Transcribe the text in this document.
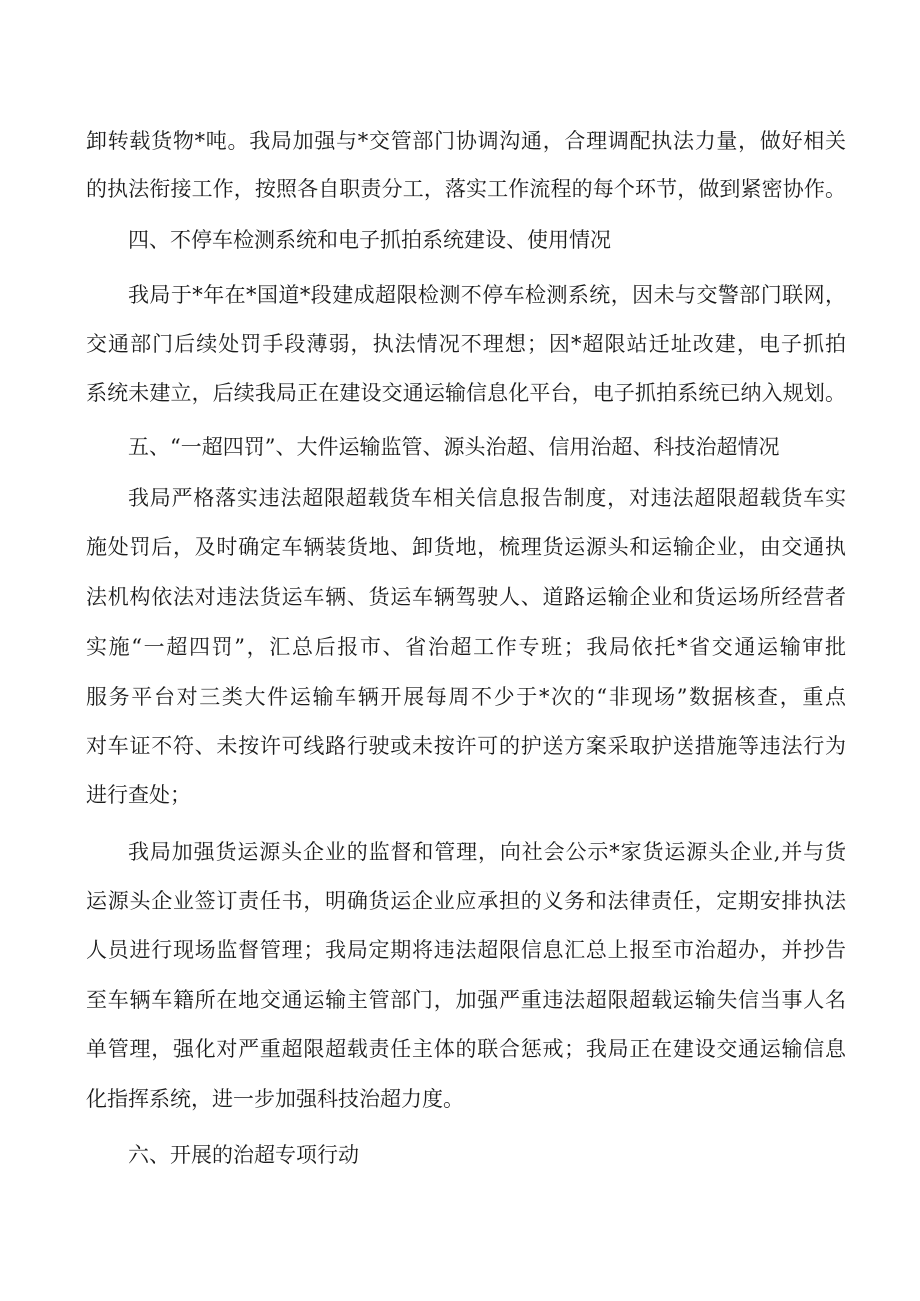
卸转载货物*吨。我局加强与*交管部门协调沟通，合理调配执法力量，做好相关
的执法衔接工作，按照各自职责分工，落实工作流程的每个环节，做到紧密协作。
四、不停车检测系统和电子抓拍系统建设、使用情况
我局于*年在*国道*段建成超限检测不停车检测系统，因未与交警部门联网，
交通部门后续处罚手段薄弱，执法情况不理想；因*超限站迁址改建，电子抓拍
系统未建立，后续我局正在建设交通运输信息化平台，电子抓拍系统已纳入规划。
五、“一超四罚”、大件运输监管、源头治超、信用治超、科技治超情况
我局严格落实违法超限超载货车相关信息报告制度，对违法超限超载货车实
施处罚后，及时确定车辆装货地、卸货地，梳理货运源头和运输企业，由交通执
法机构依法对违法货运车辆、货运车辆驾驶人、道路运输企业和货运场所经营者
实施“一超四罚”，汇总后报市、省治超工作专班；我局依托*省交通运输审批
服务平台对三类大件运输车辆开展每周不少于*次的“非现场”数据核查，重点
对车证不符、未按许可线路行驶或未按许可的护送方案采取护送措施等违法行为
进行查处；
我局加强货运源头企业的监督和管理，向社会公示*家货运源头企业,并与货
运源头企业签订责任书，明确货运企业应承担的义务和法律责任，定期安排执法
人员进行现场监督管理；我局定期将违法超限信息汇总上报至市治超办，并抄告
至车辆车籍所在地交通运输主管部门，加强严重违法超限超载运输失信当事人名
单管理，强化对严重超限超载责任主体的联合惩戒；我局正在建设交通运输信息
化指挥系统，进一步加强科技治超力度。
六、开展的治超专项行动
